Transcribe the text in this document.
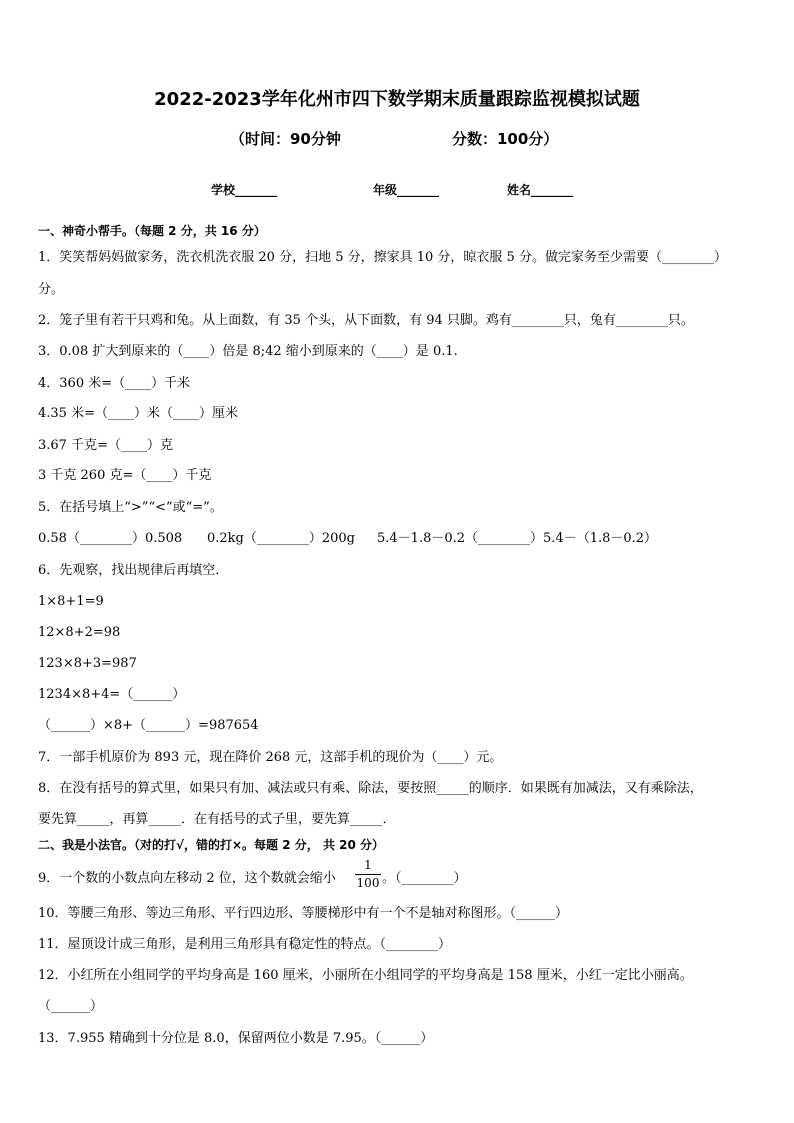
2022-2023学年化州市四下数学期末质量跟踪监视模拟试题
（时间：90分钟	分数：100分）
学校_______	年级_______	姓名_______
一、神奇小帮手。（每题 2 分，共 16 分）
1．笑笑帮妈妈做家务，洗衣机洗衣服 20 分，扫地 5 分，擦家具 10 分，晾衣服 5 分。做完家务至少需要（________）
分。
2．笼子里有若干只鸡和兔。从上面数，有 35 个头，从下面数，有 94 只脚。鸡有________只，兔有________只。
3．0.08 扩大到原来的（____）倍是 8;42 缩小到原来的（____）是 0.1.
4．360 米=（____）千米
4.35 米=（____）米（____）厘米
3.67 千克=（____）克
3 千克 260 克=（____）千克
5．在括号填上“>”“<”或“=”。
0.58（________）0.508 0.2kg（________）200g 5.4－1.8－0.2（________）5.4－（1.8－0.2）
6．先观察，找出规律后再填空．
1×8+1=9
12×8+2=98
123×8+3=987
1234×8+4=（______）
（______）×8+（______）=987654
7．一部手机原价为 893 元，现在降价 268 元，这部手机的现价为（____）元。
8．在没有括号的算式里，如果只有加、减法或只有乘、除法，要按照_____的顺序．如果既有加减法，又有乘除法，
要先算_____，再算_____．在有括号的式子里，要先算_____．
二、我是小法官。（对的打√，错的打×。每题 2 分， 共 20 分）
9．一个数的小数点向左移动 2 位，这个数就会缩小
1
100 。（________）
10．等腰三角形、等边三角形、平行四边形、等腰梯形中有一个不是轴对称图形。（______）
11．屋顶设计成三角形，是利用三角形具有稳定性的特点。（________）
12．小红所在小组同学的平均身高是 160 厘米，小丽所在小组同学的平均身高是 158 厘米，小红一定比小丽高。
（______）
13．7.955 精确到十分位是 8.0，保留两位小数是 7.95。（______）
